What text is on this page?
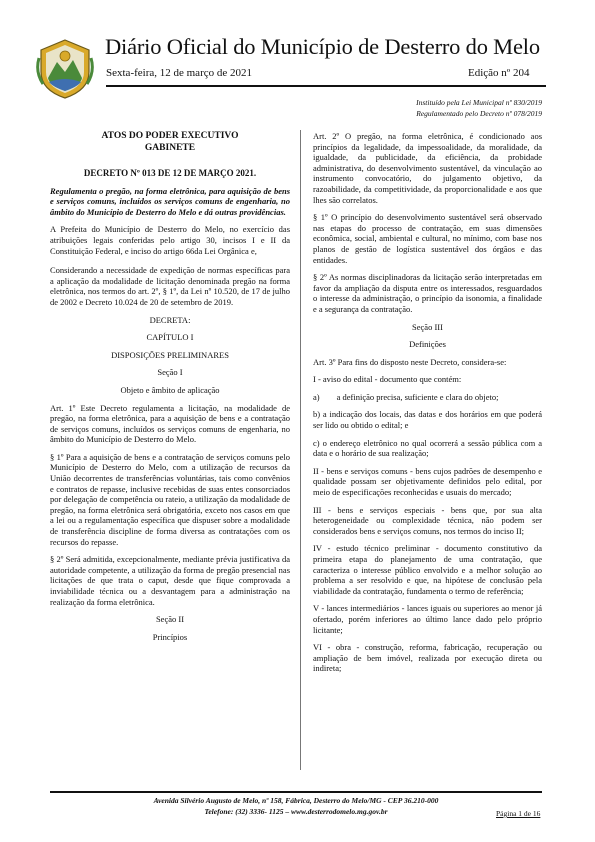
Diário Oficial do Município de Desterro do Melo
Sexta-feira, 12 de março de 2021	Edição nº 204
Instituído pela Lei Municipal nº 830/2019
Regulamentado pelo Decreto nº 078/2019
ATOS DO PODER EXECUTIVO
GABINETE

DECRETO Nº 013 DE 12 DE MARÇO 2021.

Regulamenta o pregão, na forma eletrônica, para aquisição de bens e serviços comuns, incluídos os serviços comuns de engenharia, no âmbito do Município de Desterro do Melo e dá outras providências.

A Prefeita do Município de Desterro do Melo, no exercício das atribuições legais conferidas pelo artigo 30, incisos I e II da Constituição Federal, e inciso do artigo 66da Lei Orgânica e,

Considerando a necessidade de expedição de normas específicas para a aplicação da modalidade de licitação denominada pregão na forma eletrônica, nos termos do art. 2º, § 1º, da Lei nº 10.520, de 17 de julho de 2002 e Decreto 10.024 de 20 de setembro de 2019.

DECRETA:

CAPÍTULO I

DISPOSIÇÕES PRELIMINARES

Seção I

Objeto e âmbito de aplicação

Art. 1º Este Decreto regulamenta a licitação, na modalidade de pregão, na forma eletrônica, para a aquisição de bens e a contratação de serviços comuns, incluídos os serviços comuns de engenharia, no âmbito do Município de Desterro do Melo.

§ 1º Para a aquisição de bens e a contratação de serviços comuns pelo Município de Desterro do Melo, com a utilização de recursos da União decorrentes de transferências voluntárias, tais como convênios e contratos de repasse, inclusive recebidas de suas entes consorciados por delegação de competência ou rateio, a utilização da modalidade de pregão, na forma eletrônica será obrigatória, exceto nos casos em que a lei ou a regulamentação específica que dispuser sobre a modalidade de transferência discipline de forma diversa as contratações com os recursos do repasse.

§ 2º Será admitida, excepcionalmente, mediante prévia justificativa da autoridade competente, a utilização da forma de pregão presencial nas licitações de que trata o caput, desde que fique comprovada a inviabilidade técnica ou a desvantagem para a administração na realização da forma eletrônica.

Seção II

Princípios

Art. 2º O pregão, na forma eletrônica, é condicionado aos princípios da legalidade, da impessoalidade, da moralidade, da igualdade, da publicidade, da eficiência, da probidade administrativa, do desenvolvimento sustentável, da vinculação ao instrumento convocatório, do julgamento objetivo, da razoabilidade, da competitividade, da proporcionalidade e aos que lhes são correlatos.

§ 1º O princípio do desenvolvimento sustentável será observado nas etapas do processo de contratação, em suas dimensões econômica, social, ambiental e cultural, no mínimo, com base nos planos de gestão de logística sustentável dos órgãos e das entidades.

§ 2º As normas disciplinadoras da licitação serão interpretadas em favor da ampliação da disputa entre os interessados, resguardados o interesse da administração, o princípio da isonomia, a finalidade e a segurança da contratação.

Seção III

Definições

Art. 3º Para fins do disposto neste Decreto, considera-se:

I - aviso do edital - documento que contém:

a)        a definição precisa, suficiente e clara do objeto;

b) a indicação dos locais, das datas e dos horários em que poderá ser lido ou obtido o edital; e

c) o endereço eletrônico no qual ocorrerá a sessão pública com a data e o horário de sua realização;

II - bens e serviços comuns - bens cujos padrões de desempenho e qualidade possam ser objetivamente definidos pelo edital, por meio de especificações reconhecidas e usuais do mercado;

III - bens e serviços especiais - bens que, por sua alta heterogeneidade ou complexidade técnica, não podem ser considerados bens e serviços comuns, nos termos do inciso II;

IV - estudo técnico preliminar - documento constitutivo da primeira etapa do planejamento de uma contratação, que caracteriza o interesse público envolvido e a melhor solução ao problema a ser resolvido e que, na hipótese de conclusão pela viabilidade da contratação, fundamenta o termo de referência;

V - lances intermediários - lances iguais ou superiores ao menor já ofertado, porém inferiores ao último lance dado pelo próprio licitante;

VI - obra - construção, reforma, fabricação, recuperação ou ampliação de bem imóvel, realizada por execução direta ou indireta;

Avenida Silvério Augusto de Melo, nº 158, Fábrica, Desterro do Melo/MG - CEP 36.210-000
Telefone: (32) 3336- 1125 – www.desterrodomelo.mg.gov.br	Página 1 de 16
